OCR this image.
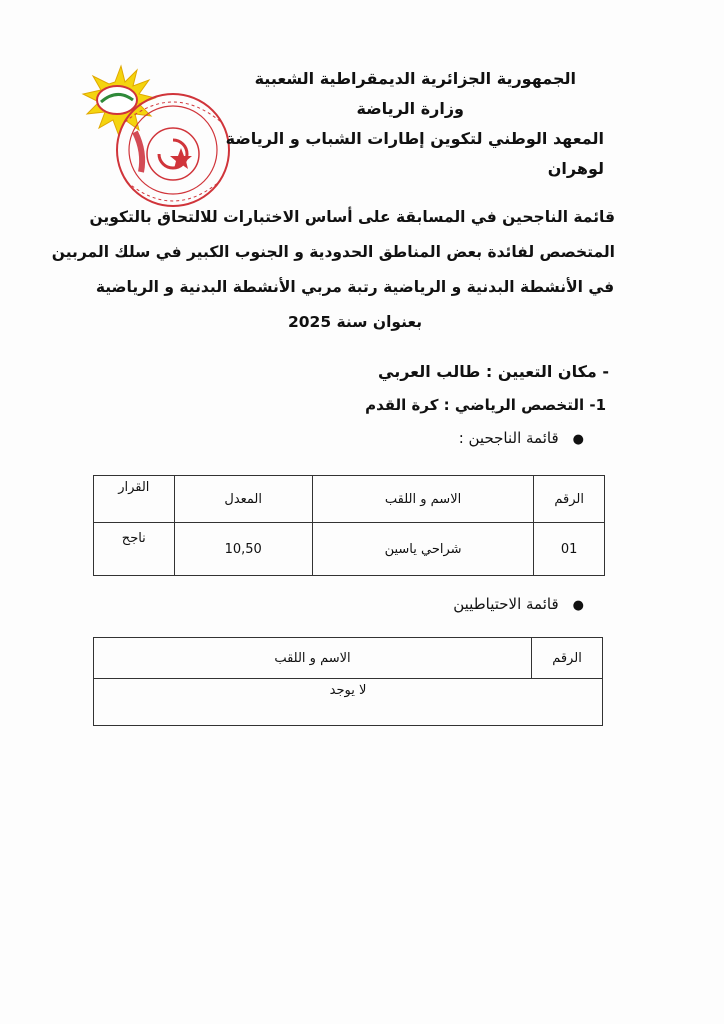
الجمهورية الجزائرية الديمقراطية الشعبية
وزارة الرياضة
المعهد الوطني لتكوين إطارات الشباب و الرياضة لوهران
قائمة الناجحين في المسابقة على أساس الاختبارات للالتحاق بالتكوين
المتخصص لفائدة بعض المناطق الحدودية و الجنوب الكبير في سلك المربين
في الأنشطة البدنية و الرياضية رتبة مربي الأنشطة البدنية و الرياضية
بعنوان سنة 2025
- مكان التعيين : طالب العربي
1- التخصص الرياضي : كرة القدم
●قائمة الناجحين :
الرقم	الاسم و اللقب	المعدل	القرار
01	شراحي ياسين	10,50	ناجح
●قائمة الاحتياطيين
الرقم	الاسم و اللقب
لا يوجد
